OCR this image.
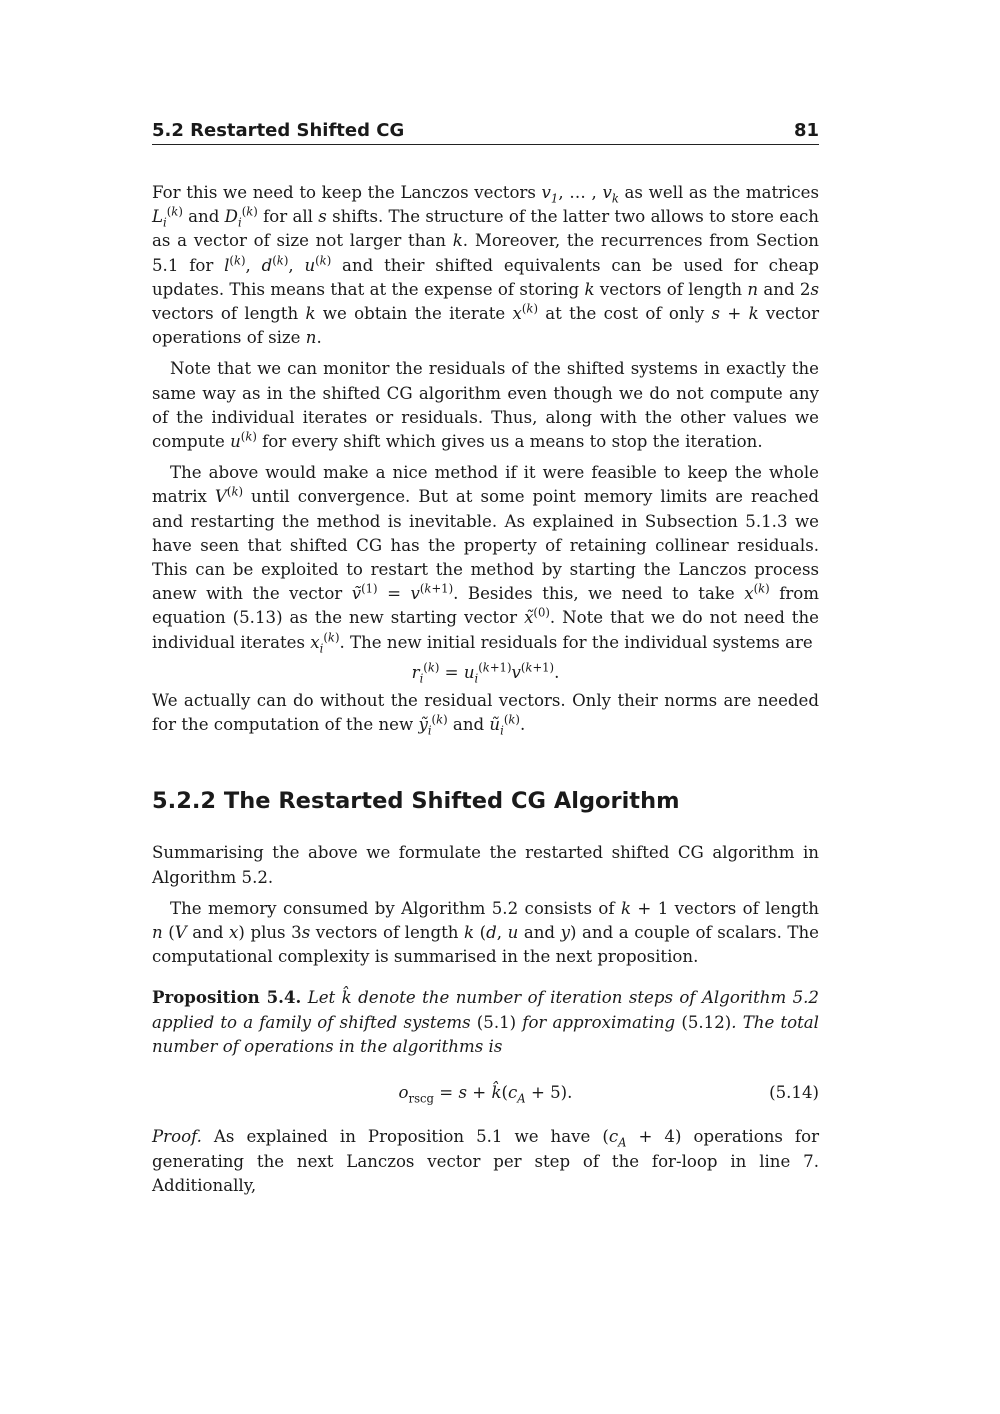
5.2 Restarted Shifted CG	81

For this we need to keep the Lanczos vectors $v_1$, … , $v_k$ as well as the matrices $L_i^{(k)}$ and $D_i^{(k)}$ for all s shifts. The structure of the latter two allows to store each as a vector of size not larger than k. Moreover, the recurrences from Section 5.1 for $l^{(k)}$, $d^{(k)}$, $u^{(k)}$ and their shifted equivalents can be used for cheap updates. This means that at the expense of storing k vectors of length n and 2s vectors of length k we obtain the iterate $x^{(k)}$ at the cost of only s + k vector operations of size n.

Note that we can monitor the residuals of the shifted systems in exactly the same way as in the shifted CG algorithm even though we do not compute any of the individual iterates or residuals. Thus, along with the other values we compute $u^{(k)}$ for every shift which gives us a means to stop the iteration.

The above would make a nice method if it were feasible to keep the whole matrix $V^{(k)}$ until convergence. But at some point memory limits are reached and restarting the method is inevitable. As explained in Subsection 5.1.3 we have seen that shifted CG has the property of retaining collinear residuals. This can be exploited to restart the method by starting the Lanczos process anew with the vector ṽ$^{(1)}$ = $v^{(k+1)}$. Besides this, we need to take $x^{(k)}$ from equation (5.13) as the new starting vector x̃$^{(0)}$. Note that we do not need the individual iterates $x_i^{(k)}$. The new initial residuals for the individual systems are

$r_i^{(k)} = u_i^{(k+1)}v^{(k+1)}$.

We actually can do without the residual vectors. Only their norms are needed for the computation of the new ỹ$_i^{(k)}$ and $ũ_i^{(k)}$.

5.2.2 The Restarted Shifted CG Algorithm

Summarising the above we formulate the restarted shifted CG algorithm in Algorithm 5.2.

The memory consumed by Algorithm 5.2 consists of k + 1 vectors of length n (V and x) plus 3s vectors of length k (d, u and y) and a couple of scalars. The computational complexity is summarised in the next proposition.

Proposition 5.4. Let k̂ denote the number of iteration steps of Algorithm 5.2 applied to a family of shifted systems (5.1) for approximating (5.12). The total number of operations in the algorithms is

$o_{rscg} = s$ + $k̂(c_A + 5)$.	(5.14)

Proof. As explained in Proposition 5.1 we have $(c_A + 4)$ operations for generating the next Lanczos vector per step of the for-loop in line 7. Additionally,
